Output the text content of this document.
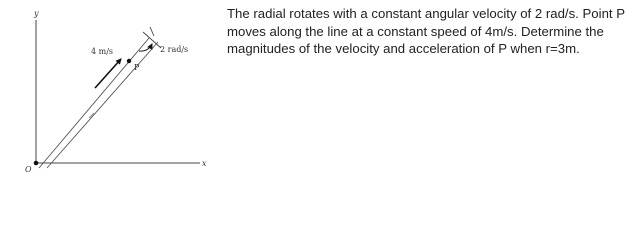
y
x
O
2 rad/s
4 m/s
P

The radial rotates with a constant angular velocity of 2 rad/s. Point P moves along the line at a constant speed of 4m/s. Determine the magnitudes of the velocity and acceleration of P when r=3m.
